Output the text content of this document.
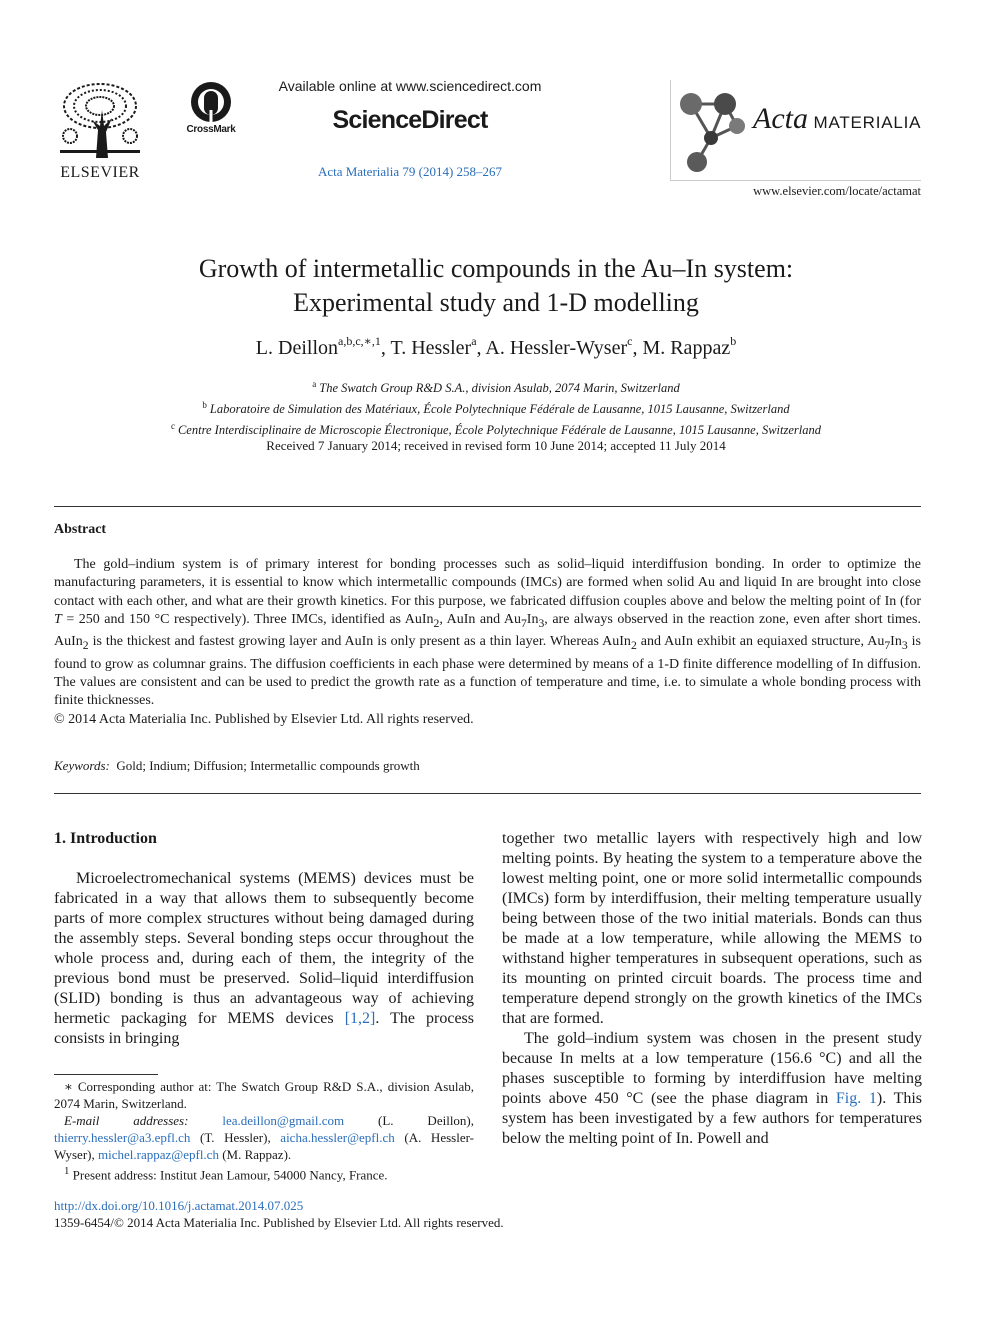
ELSEVIER
CrossMark
Available online at www.sciencedirect.com
ScienceDirect
Acta Materialia 79 (2014) 258–267
Acta MATERIALIA
www.elsevier.com/locate/actamat
Growth of intermetallic compounds in the Au–In system:
Experimental study and 1-D modelling
L. Deillon$^{a,b,c,∗,1}$, T. Hessler$^a$, A. Hessler-Wyser$^c$, M. Rappaz$^b$
$^a$ The Swatch Group R&D S.A., division Asulab, 2074 Marin, Switzerland
$^b$ Laboratoire de Simulation des Matériaux, École Polytechnique Fédérale de Lausanne, 1015 Lausanne, Switzerland
$^c$ Centre Interdisciplinaire de Microscopie Électronique, École Polytechnique Fédérale de Lausanne, 1015 Lausanne, Switzerland
Received 7 January 2014; received in revised form 10 June 2014; accepted 11 July 2014
Abstract

The gold–indium system is of primary interest for bonding processes such as solid–liquid interdiffusion bonding. In order to optimize the manufacturing parameters, it is essential to know which intermetallic compounds (IMCs) are formed when solid Au and liquid In are brought into close contact with each other, and what are their growth kinetics. For this purpose, we fabricated diffusion couples above and below the melting point of In (for T = 250 and 150 °C respectively). Three IMCs, identified as AuIn$_2$, AuIn and $Au_7In_3$, are always observed in the reaction zone, even after short times. AuIn$_2$ is the thickest and fastest growing layer and AuIn is only present as a thin layer. Whereas AuIn$_2$ and AuIn exhibit an equiaxed structure, $Au_7In_3$ is found to grow as columnar grains. The diffusion coefficients in each phase were determined by means of a 1-D finite difference modelling of In diffusion. The values are consistent and can be used to predict the growth rate as a function of temperature and time, i.e. to simulate a whole bonding process with finite thicknesses.

© 2014 Acta Materialia Inc. Published by Elsevier Ltd. All rights reserved.
Keywords: Gold; Indium; Diffusion; Intermetallic compounds growth
1. Introduction

Microelectromechanical systems (MEMS) devices must be fabricated in a way that allows them to subsequently become parts of more complex structures without being damaged during the assembly steps. Several bonding steps occur throughout the whole process and, during each of them, the integrity of the previous bond must be preserved. Solid–liquid interdiffusion (SLID) bonding is thus an advantageous way of achieving hermetic packaging for MEMS devices [1,2]. The process consists in bringing

∗ Corresponding author at: The Swatch Group R&D S.A., division Asulab, 2074 Marin, Switzerland.
E-mail addresses:	lea.deillon@gmail.com (L. Deillon), thierry.hessler@a3.epfl.ch (T. Hessler), aicha.hessler@epfl.ch (A. Hessler-Wyser), michel.rappaz@epfl.ch (M. Rappaz).
$^1$ Present address: Institut Jean Lamour, 54000 Nancy, France.

together two metallic layers with respectively high and low melting points. By heating the system to a temperature above the lowest melting point, one or more solid intermetallic compounds (IMCs) form by interdiffusion, their melting temperature usually being between those of the two initial materials. Bonds can thus be made at a low temperature, while allowing the MEMS to withstand higher temperatures in subsequent operations, such as its mounting on printed circuit boards. The process time and temperature depend strongly on the growth kinetics of the IMCs that are formed.

The gold–indium system was chosen in the present study because In melts at a low temperature (156.6 °C) and all the phases susceptible to forming by interdiffusion have melting points above 450 °C (see the phase diagram in Fig. 1). This system has been investigated by a few authors for temperatures below the melting point of In. Powell and

http://dx.doi.org/10.1016/j.actamat.2014.07.025
1359-6454/© 2014 Acta Materialia Inc. Published by Elsevier Ltd. All rights reserved.
